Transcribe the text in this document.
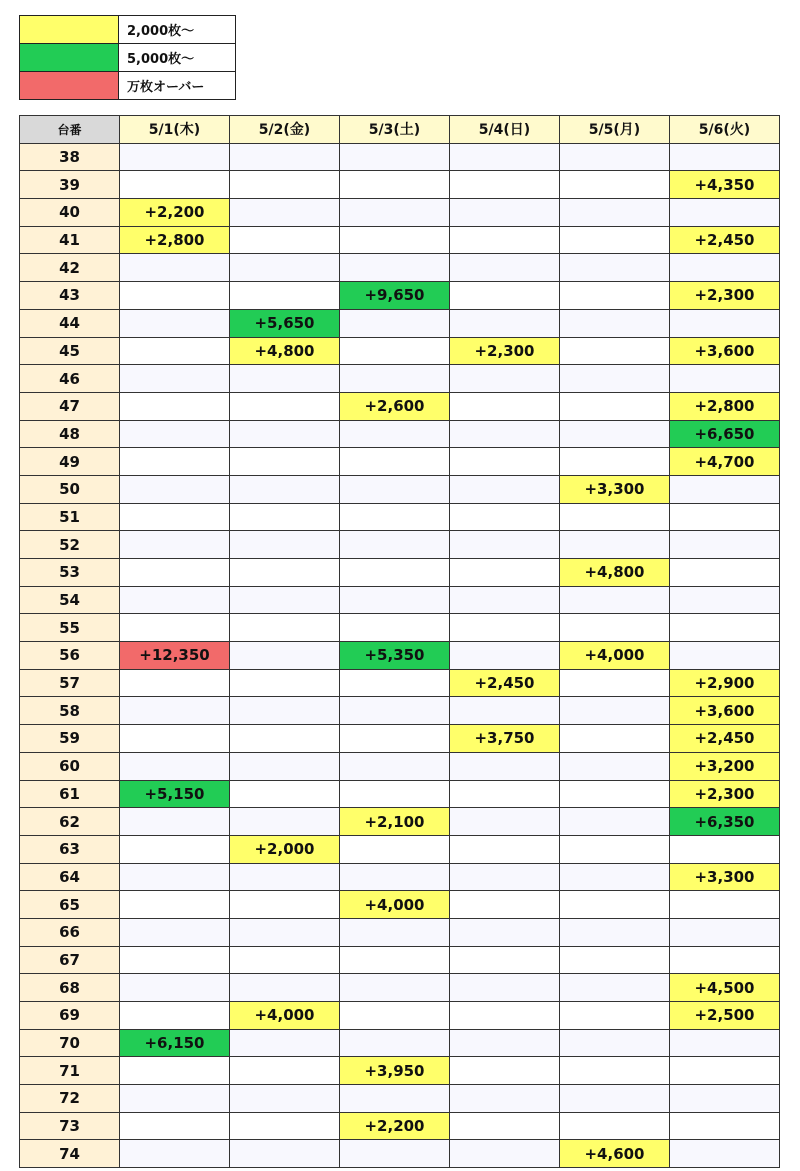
	2,000枚～
	5,000枚～
	万枚オーバー
台番	5/1(木)	5/2(金)	5/3(土)	5/4(日)	5/5(月)	5/6(火)
38						
39						+4,350
40	+2,200					
41	+2,800					+2,450
42						
43			+9,650			+2,300
44		+5,650				
45		+4,800		+2,300		+3,600
46						
47			+2,600			+2,800
48						+6,650
49						+4,700
50					+3,300	
51						
52						
53					+4,800	
54						
55						
56	+12,350		+5,350		+4,000	
57				+2,450		+2,900
58						+3,600
59				+3,750		+2,450
60						+3,200
61	+5,150					+2,300
62			+2,100			+6,350
63		+2,000				
64						+3,300
65			+4,000			
66						
67						
68						+4,500
69		+4,000				+2,500
70	+6,150					
71			+3,950			
72						
73			+2,200			
74					+4,600	
